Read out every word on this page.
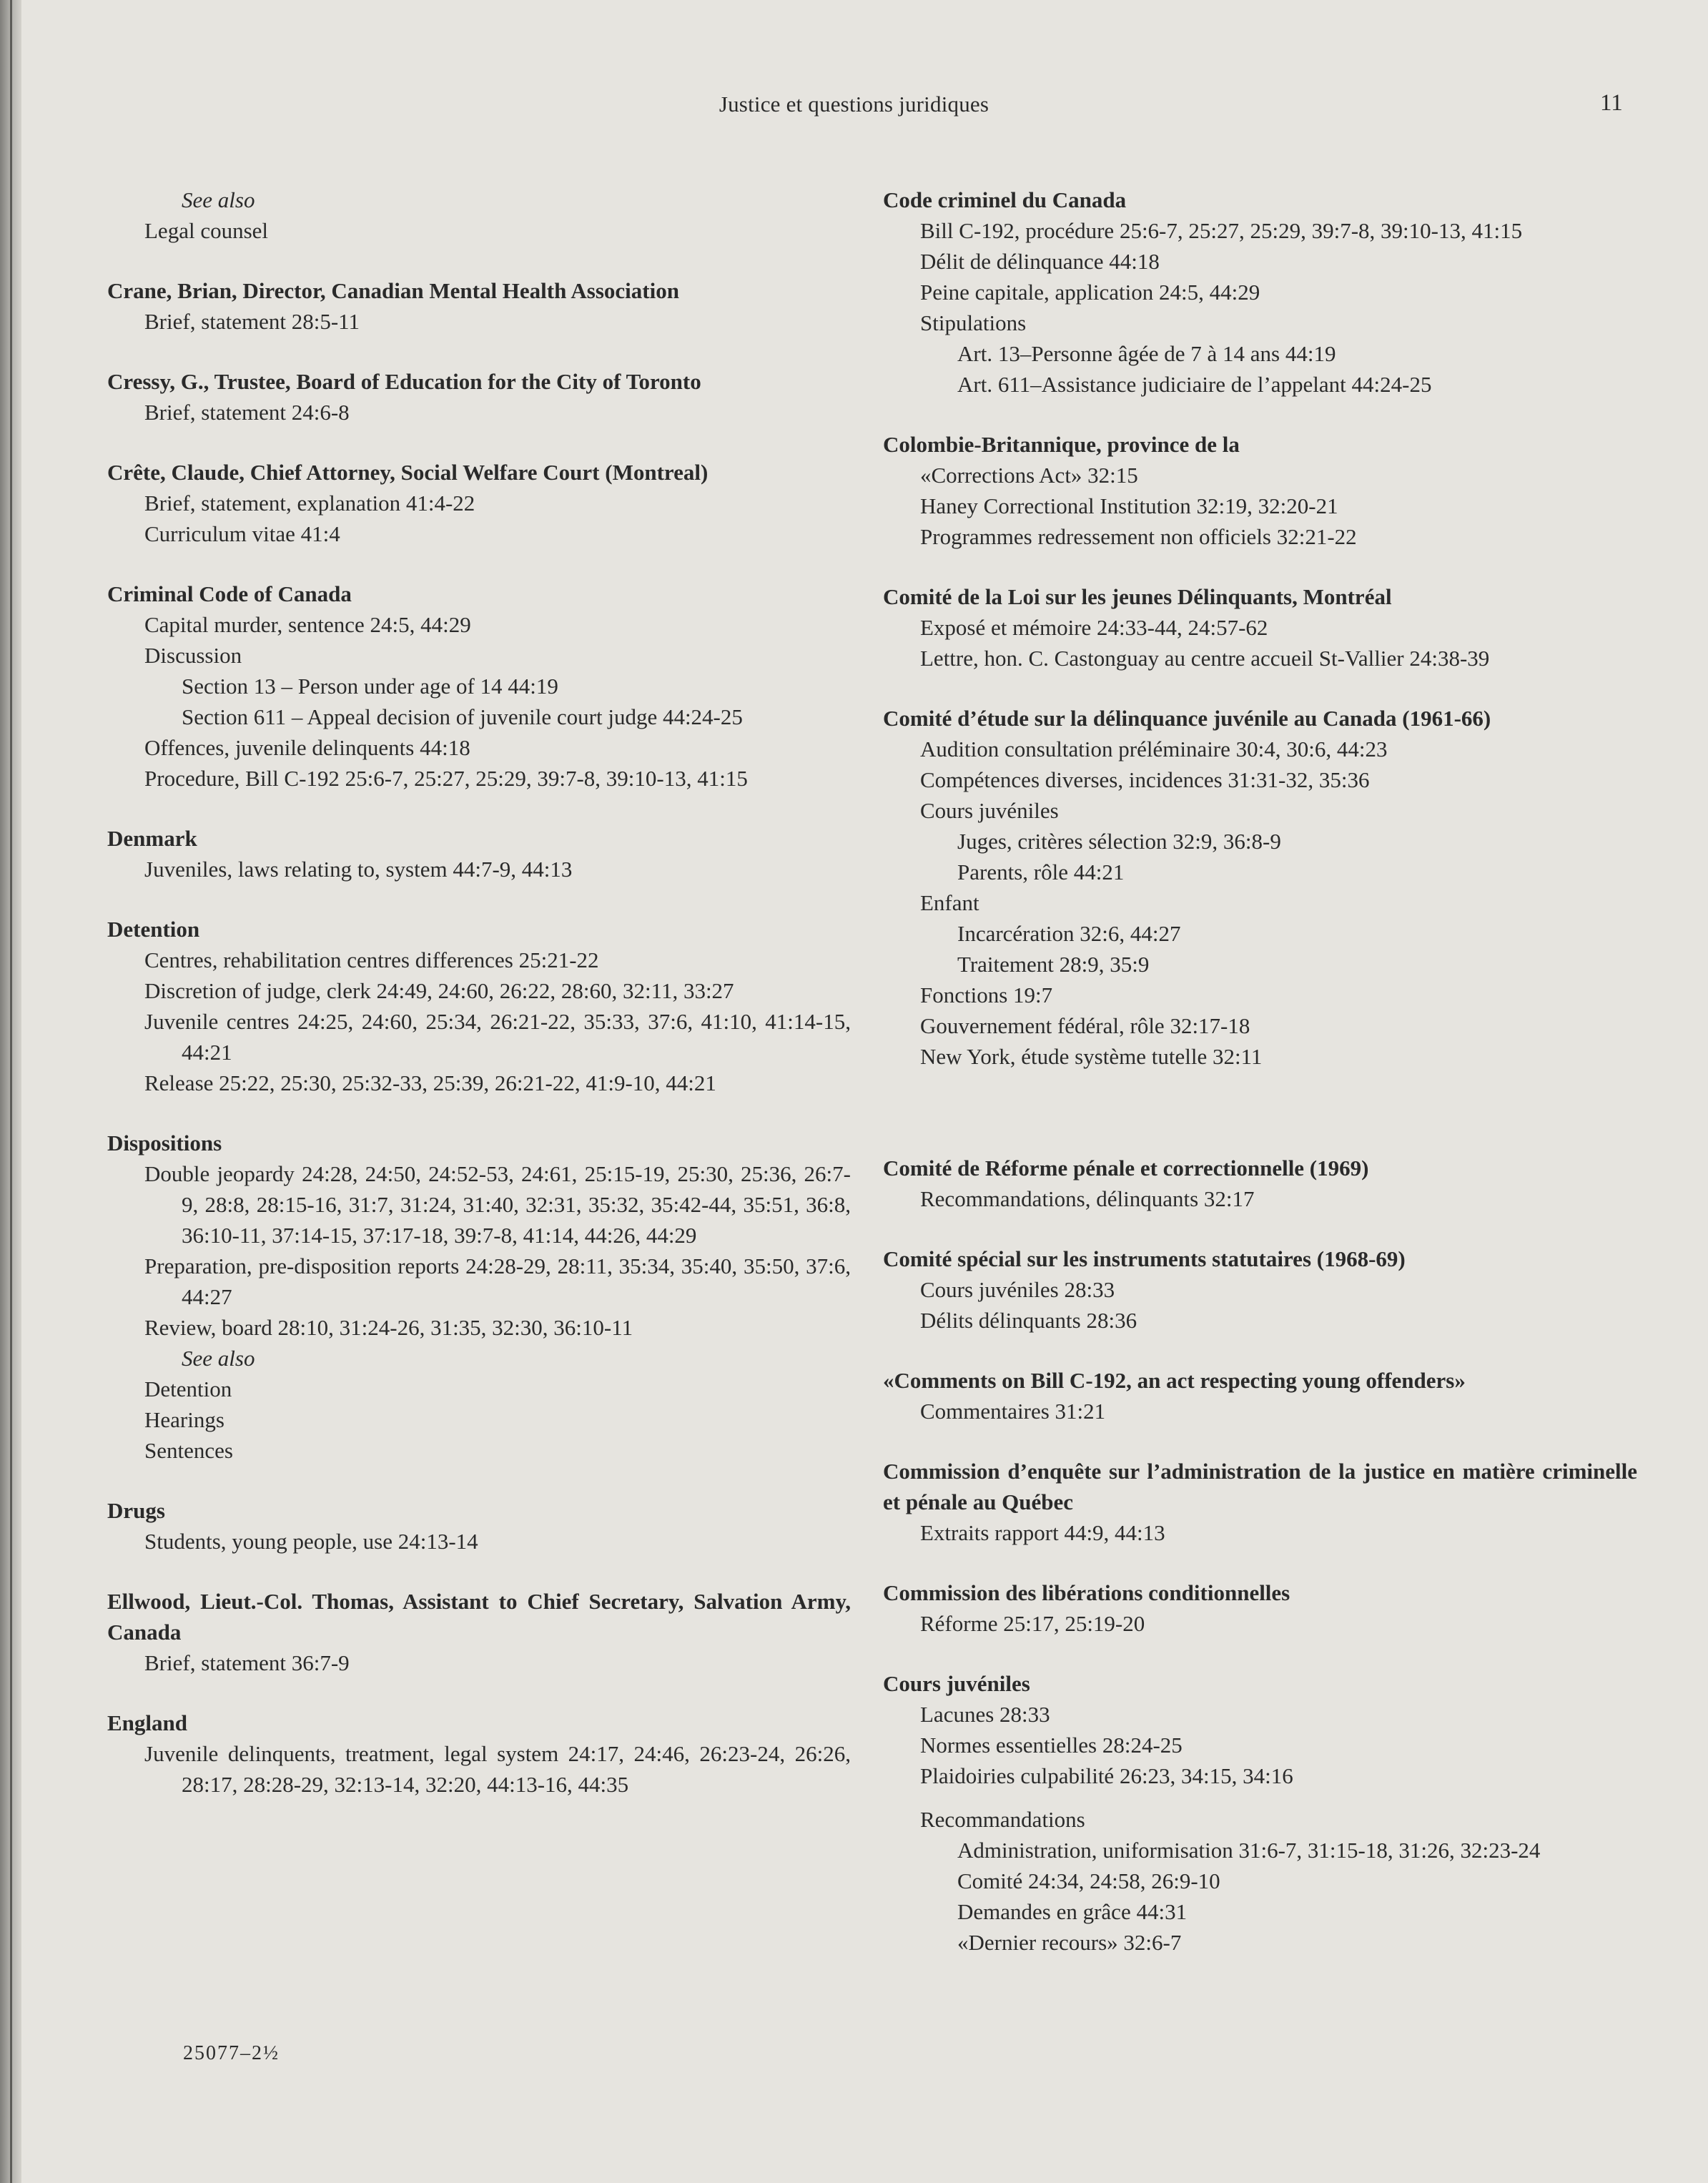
Justice et questions juridiques	11
See also
Legal counsel
Crane, Brian, Director, Canadian Mental Health Association
Brief, statement 28:5-11
Cressy, G., Trustee, Board of Education for the City of Toronto
Brief, statement 24:6-8
Crête, Claude, Chief Attorney, Social Welfare Court (Montreal)
Brief, statement, explanation 41:4-22
Curriculum vitae 41:4
Criminal Code of Canada
Capital murder, sentence 24:5, 44:29
Discussion
Section 13 – Person under age of 14 44:19
Section 611 – Appeal decision of juvenile court judge 44:24-25
Offences, juvenile delinquents 44:18
Procedure, Bill C-192 25:6-7, 25:27, 25:29, 39:7-8, 39:10-13, 41:15
Denmark
Juveniles, laws relating to, system 44:7-9, 44:13
Detention
Centres, rehabilitation centres differences 25:21-22
Discretion of judge, clerk 24:49, 24:60, 26:22, 28:60, 32:11, 33:27
Juvenile centres 24:25, 24:60, 25:34, 26:21-22, 35:33, 37:6, 41:10, 41:14-15, 44:21
Release 25:22, 25:30, 25:32-33, 25:39, 26:21-22, 41:9-10, 44:21
Dispositions
Double jeopardy 24:28, 24:50, 24:52-53, 24:61, 25:15-19, 25:30, 25:36, 26:7-9, 28:8, 28:15-16, 31:7, 31:24, 31:40, 32:31, 35:32, 35:42-44, 35:51, 36:8, 36:10-11, 37:14-15, 37:17-18, 39:7-8, 41:14, 44:26, 44:29
Preparation, pre-disposition reports 24:28-29, 28:11, 35:34, 35:40, 35:50, 37:6, 44:27
Review, board 28:10, 31:24-26, 31:35, 32:30, 36:10-11
See also
Detention
Hearings
Sentences
Drugs
Students, young people, use 24:13-14
Ellwood, Lieut.-Col. Thomas, Assistant to Chief Secretary, Salvation Army, Canada
Brief, statement 36:7-9
England
Juvenile delinquents, treatment, legal system 24:17, 24:46, 26:23-24, 26:26, 28:17, 28:28-29, 32:13-14, 32:20, 44:13-16, 44:35
Code criminel du Canada
Bill C-192, procédure 25:6-7, 25:27, 25:29, 39:7-8, 39:10-13, 41:15
Délit de délinquance 44:18
Peine capitale, application 24:5, 44:29
Stipulations
Art. 13–Personne âgée de 7 à 14 ans 44:19
Art. 611–Assistance judiciaire de l’appelant 44:24-25
Colombie-Britannique, province de la
«Corrections Act» 32:15
Haney Correctional Institution 32:19, 32:20-21
Programmes redressement non officiels 32:21-22
Comité de la Loi sur les jeunes Délinquants, Montréal
Exposé et mémoire 24:33-44, 24:57-62
Lettre, hon. C. Castonguay au centre accueil St-Vallier 24:38-39
Comité d’étude sur la délinquance juvénile au Canada (1961-66)
Audition consultation préléminaire 30:4, 30:6, 44:23
Compétences diverses, incidences 31:31-32, 35:36
Cours juvéniles
Juges, critères sélection 32:9, 36:8-9
Parents, rôle 44:21
Enfant
Incarcération 32:6, 44:27
Traitement 28:9, 35:9
Fonctions 19:7
Gouvernement fédéral, rôle 32:17-18
New York, étude système tutelle 32:11
Comité de Réforme pénale et correctionnelle (1969)
Recommandations, délinquants 32:17
Comité spécial sur les instruments statutaires (1968-69)
Cours juvéniles 28:33
Délits délinquants 28:36
«Comments on Bill C-192, an act respecting young offenders»
Commentaires 31:21
Commission d’enquête sur l’administration de la justice en matière criminelle et pénale au Québec
Extraits rapport 44:9, 44:13
Commission des libérations conditionnelles
Réforme 25:17, 25:19-20
Cours juvéniles
Lacunes 28:33
Normes essentielles 28:24-25
Plaidoiries culpabilité 26:23, 34:15, 34:16
Recommandations
Administration, uniformisation 31:6-7, 31:15-18, 31:26, 32:23-24
Comité 24:34, 24:58, 26:9-10
Demandes en grâce 44:31
«Dernier recours» 32:6-7
25077–2½
